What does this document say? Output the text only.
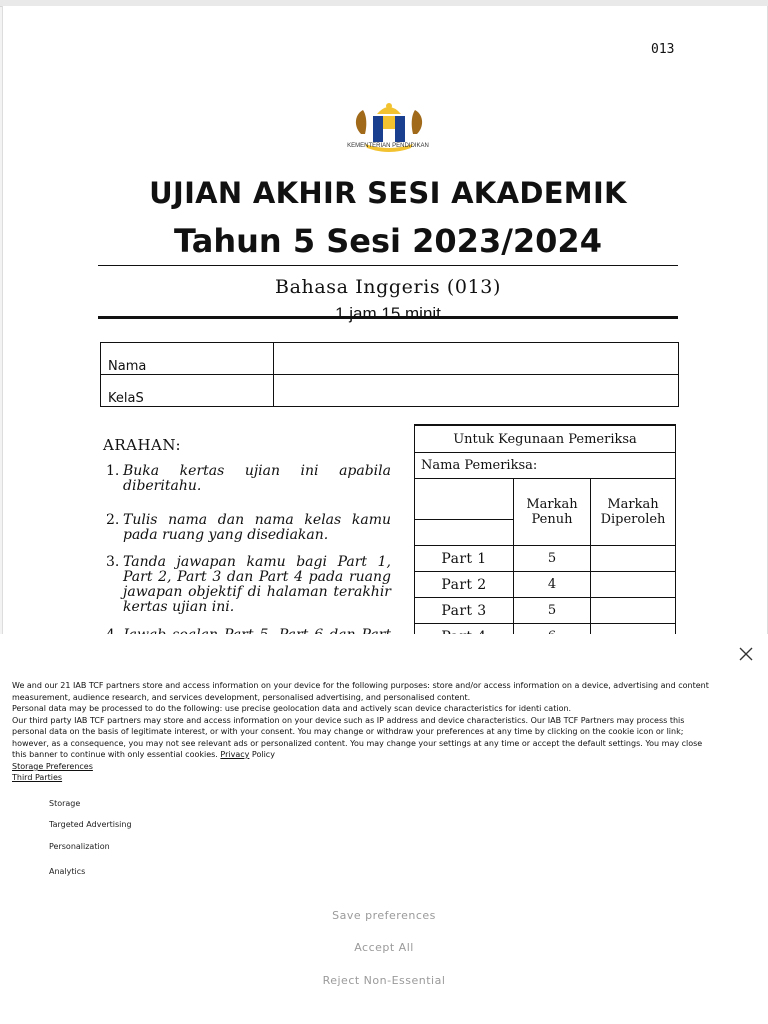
013
KEMENTERIAN PENDIDIKAN
UJIAN AKHIR SESI AKADEMIK
Tahun 5 Sesi 2023/2024
Bahasa Inggeris (013)
1 jam 15 minit
Nama	
KelaS	
ARAHAN:
1. Buka kertas ujian ini apabila diberitahu.
2. Tulis nama dan nama kelas kamu pada ruang yang disediakan.
3. Tanda jawapan kamu bagi Part 1, Part 2, Part 3 dan Part 4 pada ruang jawapan objektif di halaman terakhir kertas ujian ini.
Untuk Kegunaan Pemeriksa		
Nama Pemeriksa:		
	Markah Penuh	Markah Diperoleh

Part 1	5	
Part 2	4	
Part 3	5	

We and our 21 IAB TCF partners store and access information on your device for the following purposes: store and/or access information on a device, advertising and content measurement, audience research, and services development, personalised advertising, and personalised content.

Personal data may be processed to do the following: use precise geolocation data and actively scan device characteristics for identi cation.

Our third party IAB TCF partners may store and access information on your device such as IP address and device characteristics. Our IAB TCF Partners may process this personal data on the basis of legitimate interest, or with your consent. You may change or withdraw your preferences at any time by clicking on the cookie icon or link; however, as a consequence, you may not see relevant ads or personalized content. You may change your settings at any time or accept the default settings. You may close this banner to continue with only essential cookies. Privacy Policy

Storage Preferences
Third Parties
Storage
Targeted Advertising
Personalization
Analytics
Save preferences
Accept All
Reject Non-Essential
